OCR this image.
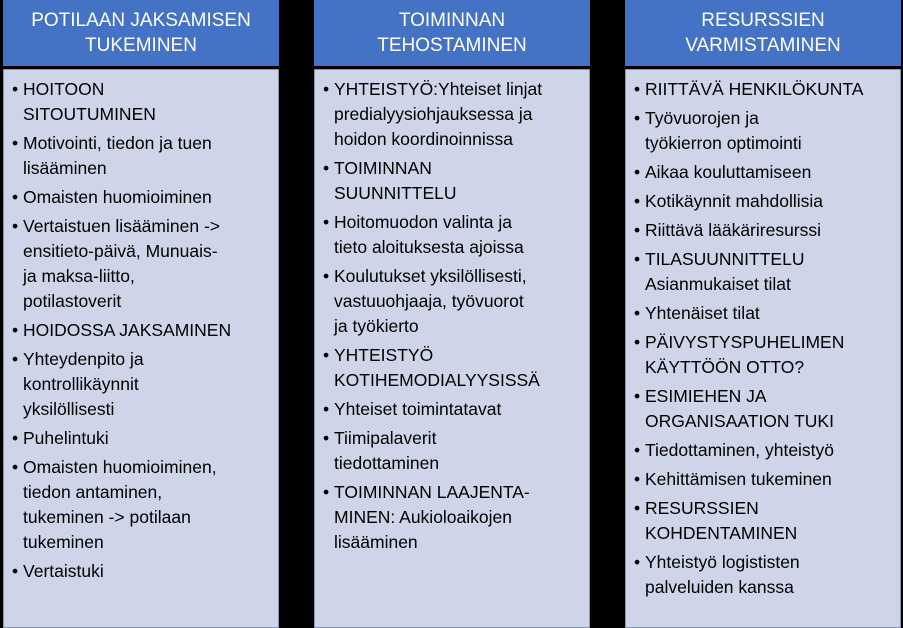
POTILAAN JAKSAMISEN
TUKEMINEN
• HOITOON
SITOUTUMINEN
• Motivointi, tiedon ja tuen
lisääminen
• Omaisten huomioiminen
• Vertaistuen lisääminen ->
ensitieto-päivä, Munuais-
ja maksa-liitto,
potilastoverit
• HOIDOSSA JAKSAMINEN
• Yhteydenpito ja
kontrollikäynnit
yksilöllisesti
• Puhelintuki
• Omaisten huomioiminen,
tiedon antaminen,
tukeminen -> potilaan
tukeminen
• Vertaistuki
TOIMINNAN
TEHOSTAMINEN
• YHTEISTYÖ:Yhteiset linjat
predialyysiohjauksessa ja
hoidon koordinoinnissa
• TOIMINNAN
SUUNNITTELU
• Hoitomuodon valinta ja
tieto aloituksesta ajoissa
• Koulutukset yksilöllisesti,
vastuuohjaaja, työvuorot
ja työkierto
• YHTEISTYÖ
KOTIHEMODIALYYSISSÄ
• Yhteiset toimintatavat
• Tiimipalaverit
tiedottaminen
• TOIMINNAN LAAJENTA-
MINEN: Aukioloaikojen
lisääminen
RESURSSIEN
VARMISTAMINEN
• RIITTÄVÄ HENKILÖKUNTA
• Työvuorojen ja
työkierron optimointi
• Aikaa kouluttamiseen
• Kotikäynnit mahdollisia
• Riittävä lääkäriresurssi
• TILASUUNNITTELU
Asianmukaiset tilat
• Yhtenäiset tilat
• PÄIVYSTYSPUHELIMEN
KÄYTTÖÖN OTTO?
• ESIMIEHEN JA
ORGANISAATION TUKI
• Tiedottaminen, yhteistyö
• Kehittämisen tukeminen
• RESURSSIEN
KOHDENTAMINEN
• Yhteistyö logististen
palveluiden kanssa
